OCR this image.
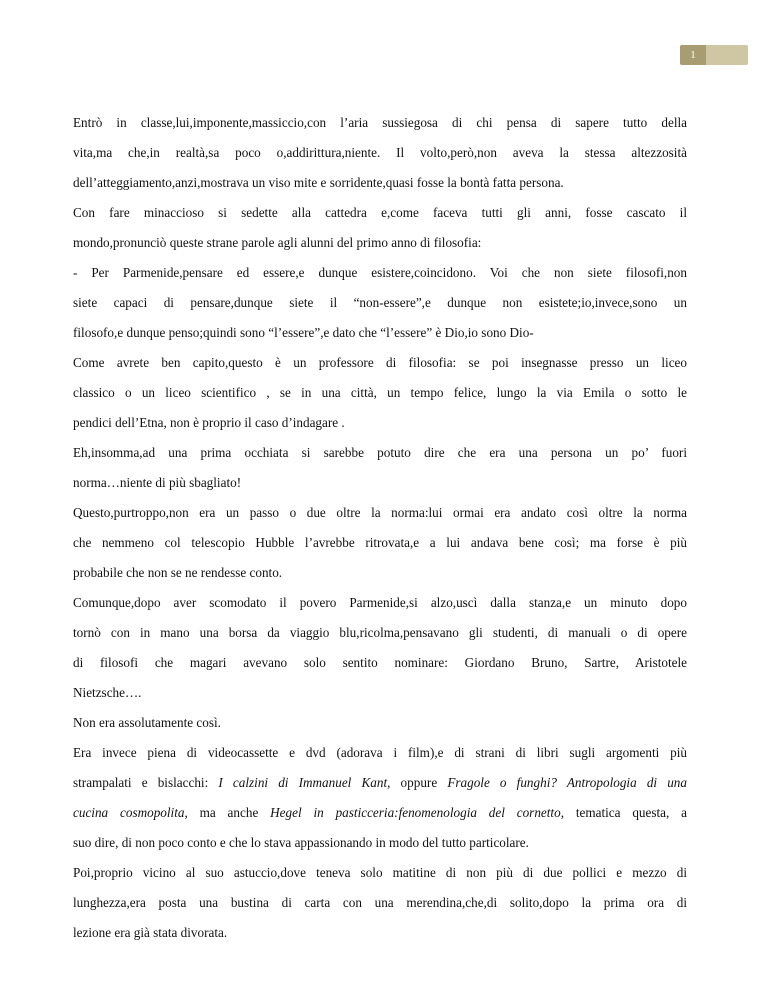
1
Entrò in classe,lui,imponente,massiccio,con l’aria sussiegosa di chi pensa di sapere tutto della
vita,ma che,in realtà,sa poco o,addirittura,niente. Il volto,però,non aveva la stessa altezzosità
dell’atteggiamento,anzi,mostrava un viso mite e sorridente,quasi fosse la bontà fatta persona.
Con fare minaccioso si sedette alla cattedra e,come faceva tutti gli anni, fosse cascato il
mondo,pronunciò queste strane parole agli alunni del primo anno di filosofia:
- Per Parmenide,pensare ed essere,e dunque esistere,coincidono. Voi che non siete filosofi,non
siete capaci di pensare,dunque siete il “non-essere”,e dunque non esistete;io,invece,sono un
filosofo,e dunque penso;quindi sono “l’essere”,e dato che “l’essere” è Dio,io sono Dio-
Come avrete ben capito,questo è un professore di filosofia: se poi insegnasse presso un liceo
classico o un liceo scientifico , se in una città, un tempo felice, lungo la via Emila o sotto le
pendici dell’Etna, non è proprio il caso d’indagare .
Eh,insomma,ad una prima occhiata si sarebbe potuto dire che era una persona un po’ fuori
norma…niente di più sbagliato!
Questo,purtroppo,non era un passo o due oltre la norma:lui ormai era andato così oltre la norma
che nemmeno col telescopio Hubble l’avrebbe ritrovata,e a lui andava bene così; ma forse è più
probabile che non se ne rendesse conto.
Comunque,dopo aver scomodato il povero Parmenide,si alzo,uscì dalla stanza,e un minuto dopo
tornò con in mano una borsa da viaggio blu,ricolma,pensavano gli studenti, di manuali o di opere
di filosofi che magari avevano solo sentito nominare: Giordano Bruno, Sartre, Aristotele
Nietzsche….
Non era assolutamente così.
Era invece piena di videocassette e dvd (adorava i film),e di strani di libri sugli argomenti più
strampalati e bislacchi: I calzini di Immanuel Kant, oppure Fragole o funghi? Antropologia di una
cucina cosmopolita, ma anche Hegel in pasticceria:fenomenologia del cornetto, tematica questa, a
suo dire, di non poco conto e che lo stava appassionando in modo del tutto particolare.
Poi,proprio vicino al suo astuccio,dove teneva solo matitine di non più di due pollici e mezzo di
lunghezza,era posta una bustina di carta con una merendina,che,di solito,dopo la prima ora di
lezione era già stata divorata.
